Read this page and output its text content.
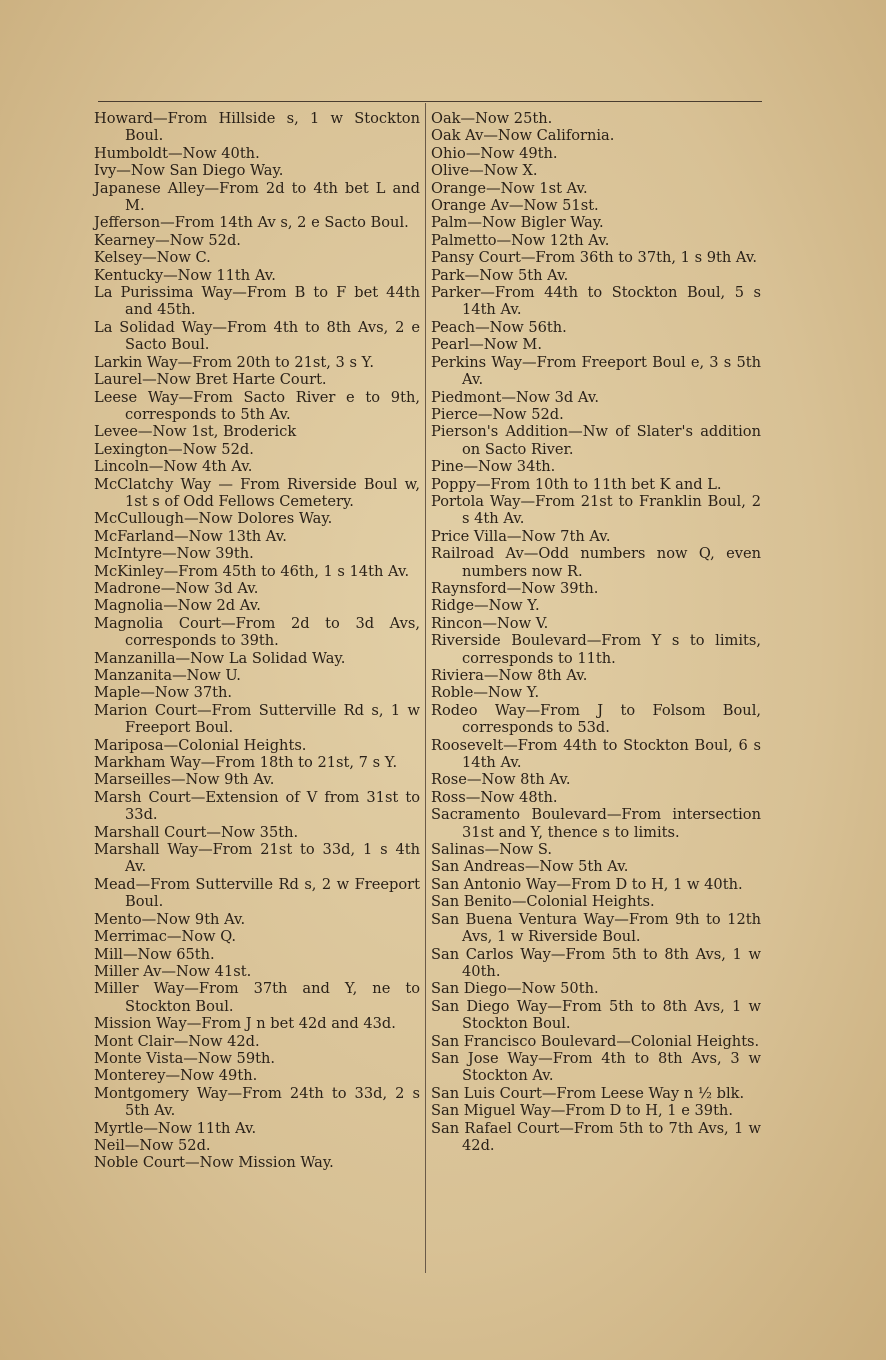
Howard—From Hillside s, 1 w Stockton Boul.

Humboldt—Now 40th.

Ivy—Now San Diego Way.

Japanese Alley—From 2d to 4th bet L and M.

Jefferson—From 14th Av s, 2 e Sacto Boul.

Kearney—Now 52d.

Kelsey—Now C.

Kentucky—Now 11th Av.

La Purissima Way—From B to F bet 44th and 45th.

La Solidad Way—From 4th to 8th Avs, 2 e Sacto Boul.

Larkin Way—From 20th to 21st, 3 s Y.

Laurel—Now Bret Harte Court.

Leese Way—From Sacto River e to 9th, corresponds to 5th Av.

Levee—Now 1st, Broderick

Lexington—Now 52d.

Lincoln—Now 4th Av.

McClatchy Way — From Riverside Boul w, 1st s of Odd Fellows Cemetery.

McCullough—Now Dolores Way.

McFarland—Now 13th Av.

McIntyre—Now 39th.

McKinley—From 45th to 46th, 1 s 14th Av.

Madrone—Now 3d Av.

Magnolia—Now 2d Av.

Magnolia Court—From 2d to 3d Avs, corresponds to 39th.

Manzanilla—Now La Solidad Way.

Manzanita—Now U.

Maple—Now 37th.

Marion Court—From Sutterville Rd s, 1 w Freeport Boul.

Mariposa—Colonial Heights.

Markham Way—From 18th to 21st, 7 s Y.

Marseilles—Now 9th Av.

Marsh Court—Extension of V from 31st to 33d.

Marshall Court—Now 35th.

Marshall Way—From 21st to 33d, 1 s 4th Av.

Mead—From Sutterville Rd s, 2 w Freeport Boul.

Mento—Now 9th Av.

Merrimac—Now Q.

Mill—Now 65th.

Miller Av—Now 41st.

Miller Way—From 37th and Y, ne to Stockton Boul.

Mission Way—From J n bet 42d and 43d.

Mont Clair—Now 42d.

Monte Vista—Now 59th.

Monterey—Now 49th.

Montgomery Way—From 24th to 33d, 2 s 5th Av.

Myrtle—Now 11th Av.

Neil—Now 52d.

Noble Court—Now Mission Way.

Oak—Now 25th.

Oak Av—Now California.

Ohio—Now 49th.

Olive—Now X.

Orange—Now 1st Av.

Orange Av—Now 51st.

Palm—Now Bigler Way.

Palmetto—Now 12th Av.

Pansy Court—From 36th to 37th, 1 s 9th Av.

Park—Now 5th Av.

Parker—From 44th to Stockton Boul, 5 s 14th Av.

Peach—Now 56th.

Pearl—Now M.

Perkins Way—From Freeport Boul e, 3 s 5th Av.

Piedmont—Now 3d Av.

Pierce—Now 52d.

Pierson's Addition—Nw of Slater's addition on Sacto River.

Pine—Now 34th.

Poppy—From 10th to 11th bet K and L.

Portola Way—From 21st to Franklin Boul, 2 s 4th Av.

Price Villa—Now 7th Av.

Railroad Av—Odd numbers now Q, even numbers now R.

Raynsford—Now 39th.

Ridge—Now Y.

Rincon—Now V.

Riverside Boulevard—From Y s to limits, corresponds to 11th.

Riviera—Now 8th Av.

Roble—Now Y.

Rodeo Way—From J to Folsom Boul, corresponds to 53d.

Roosevelt—From 44th to Stockton Boul, 6 s 14th Av.

Rose—Now 8th Av.

Ross—Now 48th.

Sacramento Boulevard—From intersection 31st and Y, thence s to limits.

Salinas—Now S.

San Andreas—Now 5th Av.

San Antonio Way—From D to H, 1 w 40th.

San Benito—Colonial Heights.

San Buena Ventura Way—From 9th to 12th Avs, 1 w Riverside Boul.

San Carlos Way—From 5th to 8th Avs, 1 w 40th.

San Diego—Now 50th.

San Diego Way—From 5th to 8th Avs, 1 w Stockton Boul.

San Francisco Boulevard—Colonial Heights.

San Jose Way—From 4th to 8th Avs, 3 w Stockton Av.

San Luis Court—From Leese Way n ½ blk.

San Miguel Way—From D to H, 1 e 39th.

San Rafael Court—From 5th to 7th Avs, 1 w 42d.
